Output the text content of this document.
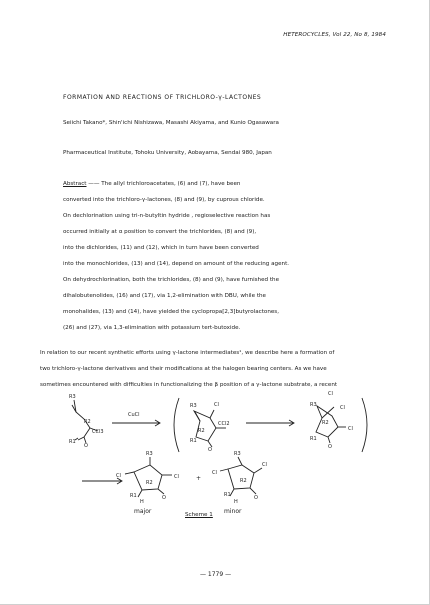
HETEROCYCLES, Vol 22, No 8, 1984
FORMATION AND REACTIONS OF TRICHLORO-γ-LACTONES
Seiichi Takano*, Shin'ichi Nishizawa, Masashi Akiyama, and Kunio Ogasawara
Pharmaceutical Institute, Tohoku University, Aobayama, Sendai 980, Japan
Abstract —— The allyl trichloroacetates, (6) and (7), have been
converted into the trichloro-γ-lactones, (8) and (9), by cuprous chloride.
On dechlorination using tri-n-butyltin hydride , regioselective reaction has
occurred initially at α position to convert the trichlorides, (8) and (9),
into the dichlorides, (11) and (12), which in turn have been converted
into the monochlorides, (13) and (14), depend on amount of the reducing agent.
On dehydrochlorination, both the trichlorides, (8) and (9), have furnished the
dihalobutenolides, (16) and (17), via 1,2-elimination with DBU, while the
monohalides, (13) and (14), have yielded the cyclopropa[2,3]butyrolactones,
(26) and (27), via 1,3-elimination with potassium tert-butoxide.
In relation to our recent synthetic efforts using γ-lactone intermediates¹, we describe here a formation of
two trichloro-γ-lactone derivatives and their modifications at the halogen bearing centers. As we have
sometimes encountered with difficulties in functionalizing the β position of a γ-lactone substrate, a recent
R3
R2
CCl3
R1
O
CuCl
R3	Cl
CCl2
R2
R1
O
Cl
R3	Cl
Cl
R2
R1
O
R3
Cl	Cl
R2
R1
H
O
R3
Cl
Cl
R2
R1
H
O
+
major	minor
Scheme 1
— 1779 —
